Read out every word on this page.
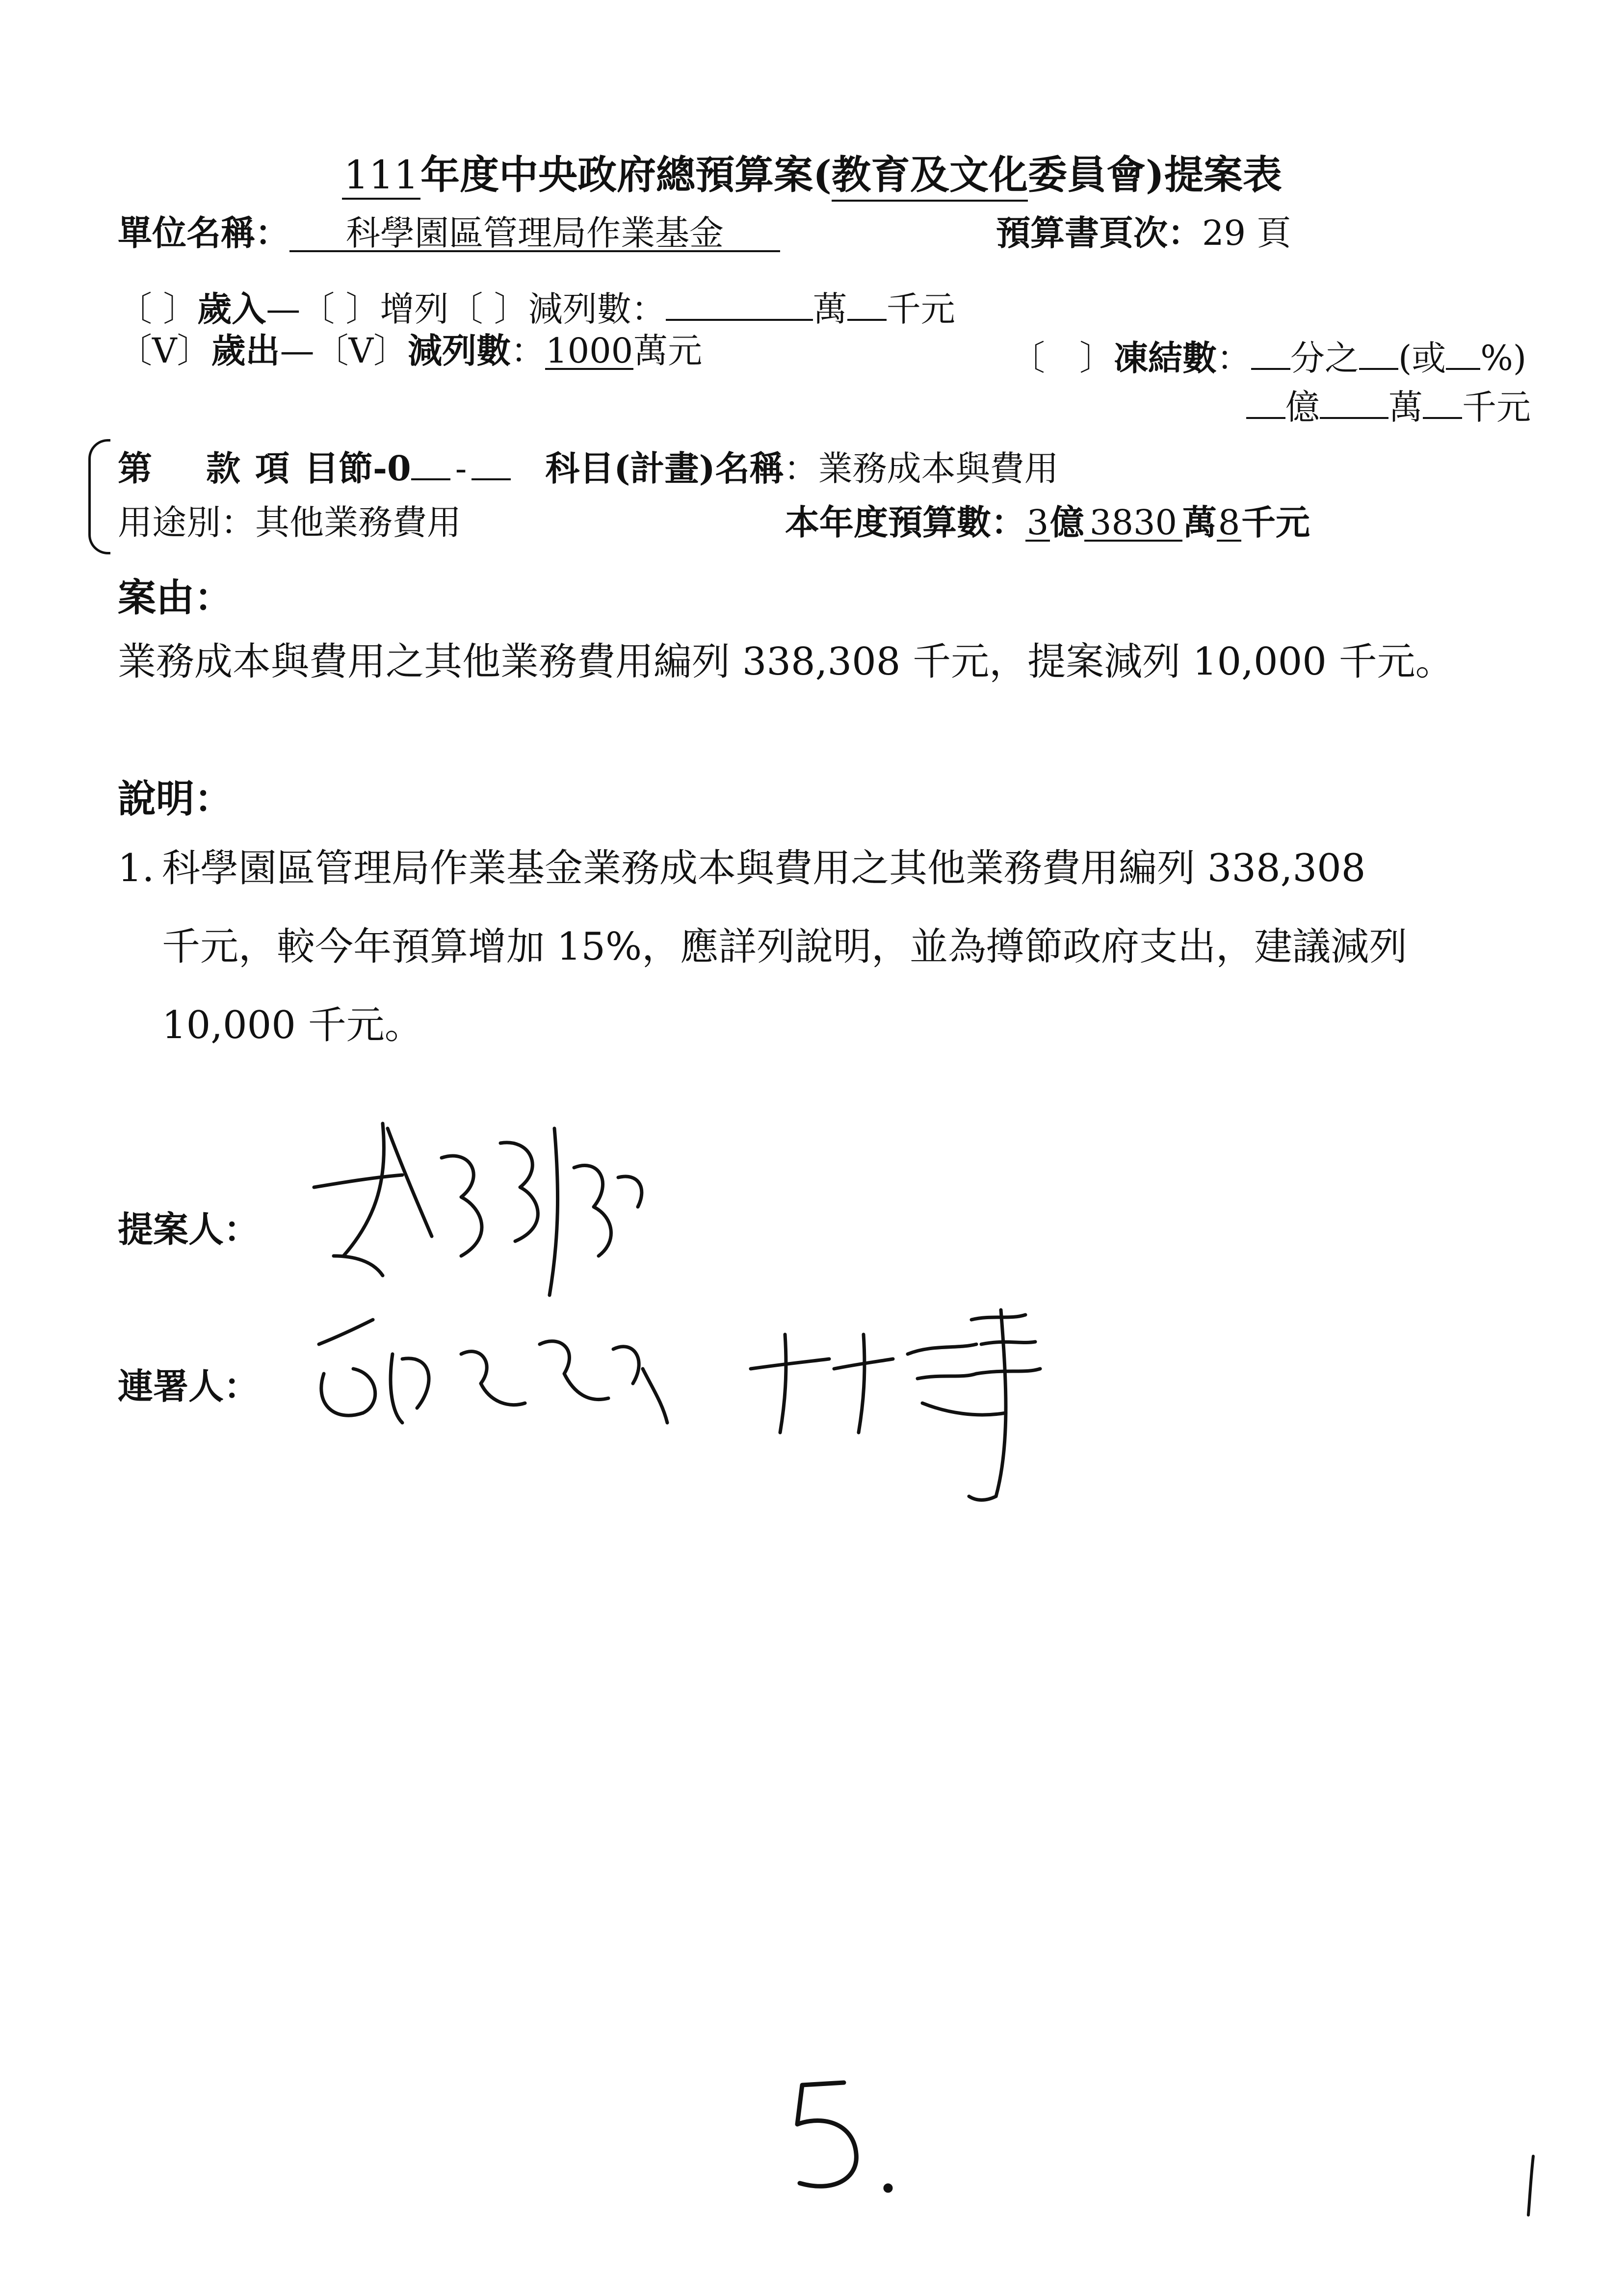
111年度中央政府總預算案(教育及文化委員會)提案表
單位名稱： 科學園區管理局作業基金	預算書頁次：29 頁
〔 〕歲入—〔 〕增列〔 〕減列數：	萬 千元
〔V〕歲出—〔V〕減列數：1000萬元	〔　〕凍結數： 分之 (或 %)
億 萬 千元
第 款 項 目節-0 - 科目(計畫)名稱：業務成本與費用
用途別：其他業務費用	本年度預算數：3億 3830 萬8千元
案由：
業務成本與費用之其他業務費用編列 338,308 千元，提案減列 10,000 千元。
說明：
1. 科學園區管理局作業基金業務成本與費用之其他業務費用編列 338,308
千元，較今年預算增加 15%，應詳列說明，並為撙節政府支出，建議減列
10,000 千元。
提案人：
連署人：
